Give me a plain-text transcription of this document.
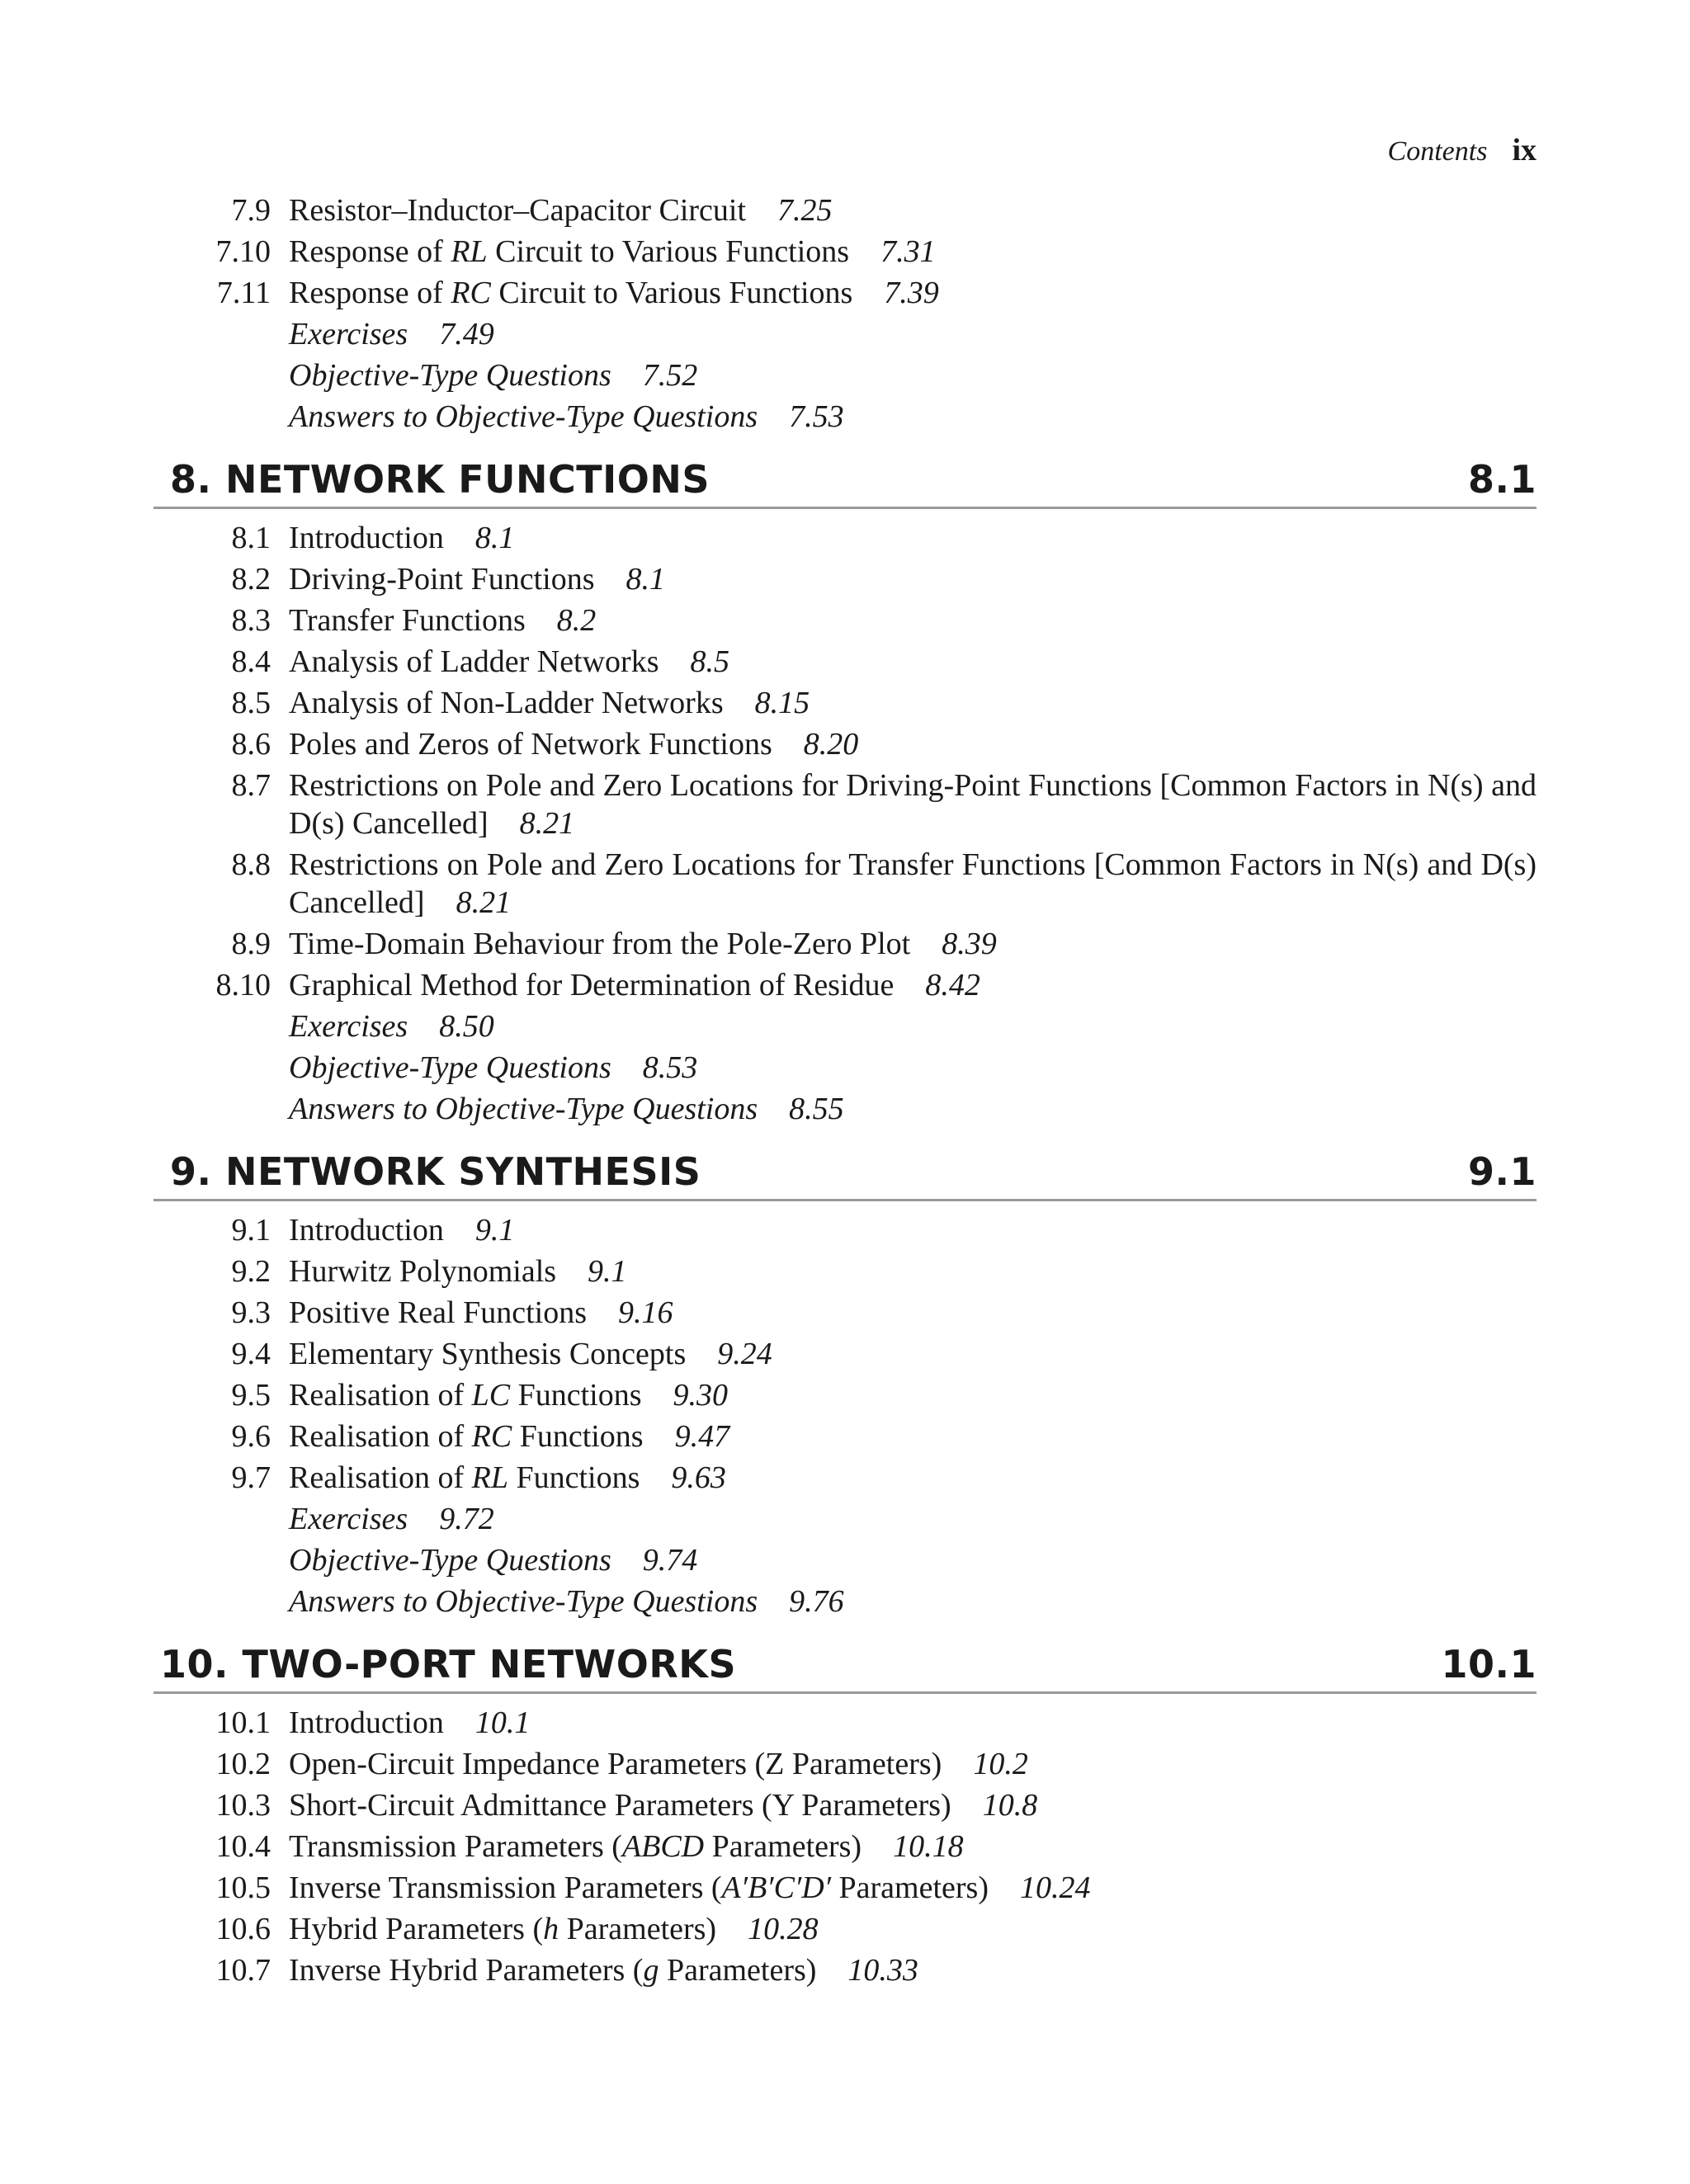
Contents ix
7.9 Resistor–Inductor–Capacitor Circuit 7.25
7.10 Response of RL Circuit to Various Functions 7.31
7.11 Response of RC Circuit to Various Functions 7.39
Exercises 7.49
Objective-Type Questions 7.52
Answers to Objective-Type Questions 7.53
8. NETWORK FUNCTIONS	8.1
8.1 Introduction 8.1
8.2 Driving-Point Functions 8.1
8.3 Transfer Functions 8.2
8.4 Analysis of Ladder Networks 8.5
8.5 Analysis of Non-Ladder Networks 8.15
8.6 Poles and Zeros of Network Functions 8.20
8.7 Restrictions on Pole and Zero Locations for Driving-Point Functions [Common Factors in N(s) and D(s) Cancelled] 8.21
8.8 Restrictions on Pole and Zero Locations for Transfer Functions [Common Factors in N(s) and D(s) Cancelled] 8.21
8.9 Time-Domain Behaviour from the Pole-Zero Plot 8.39
8.10 Graphical Method for Determination of Residue 8.42
Exercises 8.50
Objective-Type Questions 8.53
Answers to Objective-Type Questions 8.55
9. NETWORK SYNTHESIS	9.1
9.1 Introduction 9.1
9.2 Hurwitz Polynomials 9.1
9.3 Positive Real Functions 9.16
9.4 Elementary Synthesis Concepts 9.24
9.5 Realisation of LC Functions 9.30
9.6 Realisation of RC Functions 9.47
9.7 Realisation of RL Functions 9.63
Exercises 9.72
Objective-Type Questions 9.74
Answers to Objective-Type Questions 9.76
10. TWO-PORT NETWORKS	10.1
10.1 Introduction 10.1
10.2 Open-Circuit Impedance Parameters (Z Parameters) 10.2
10.3 Short-Circuit Admittance Parameters (Y Parameters) 10.8
10.4 Transmission Parameters (ABCD Parameters) 10.18
10.5 Inverse Transmission Parameters (A′B′C′D′ Parameters) 10.24
10.6 Hybrid Parameters (h Parameters) 10.28
10.7 Inverse Hybrid Parameters (g Parameters) 10.33
